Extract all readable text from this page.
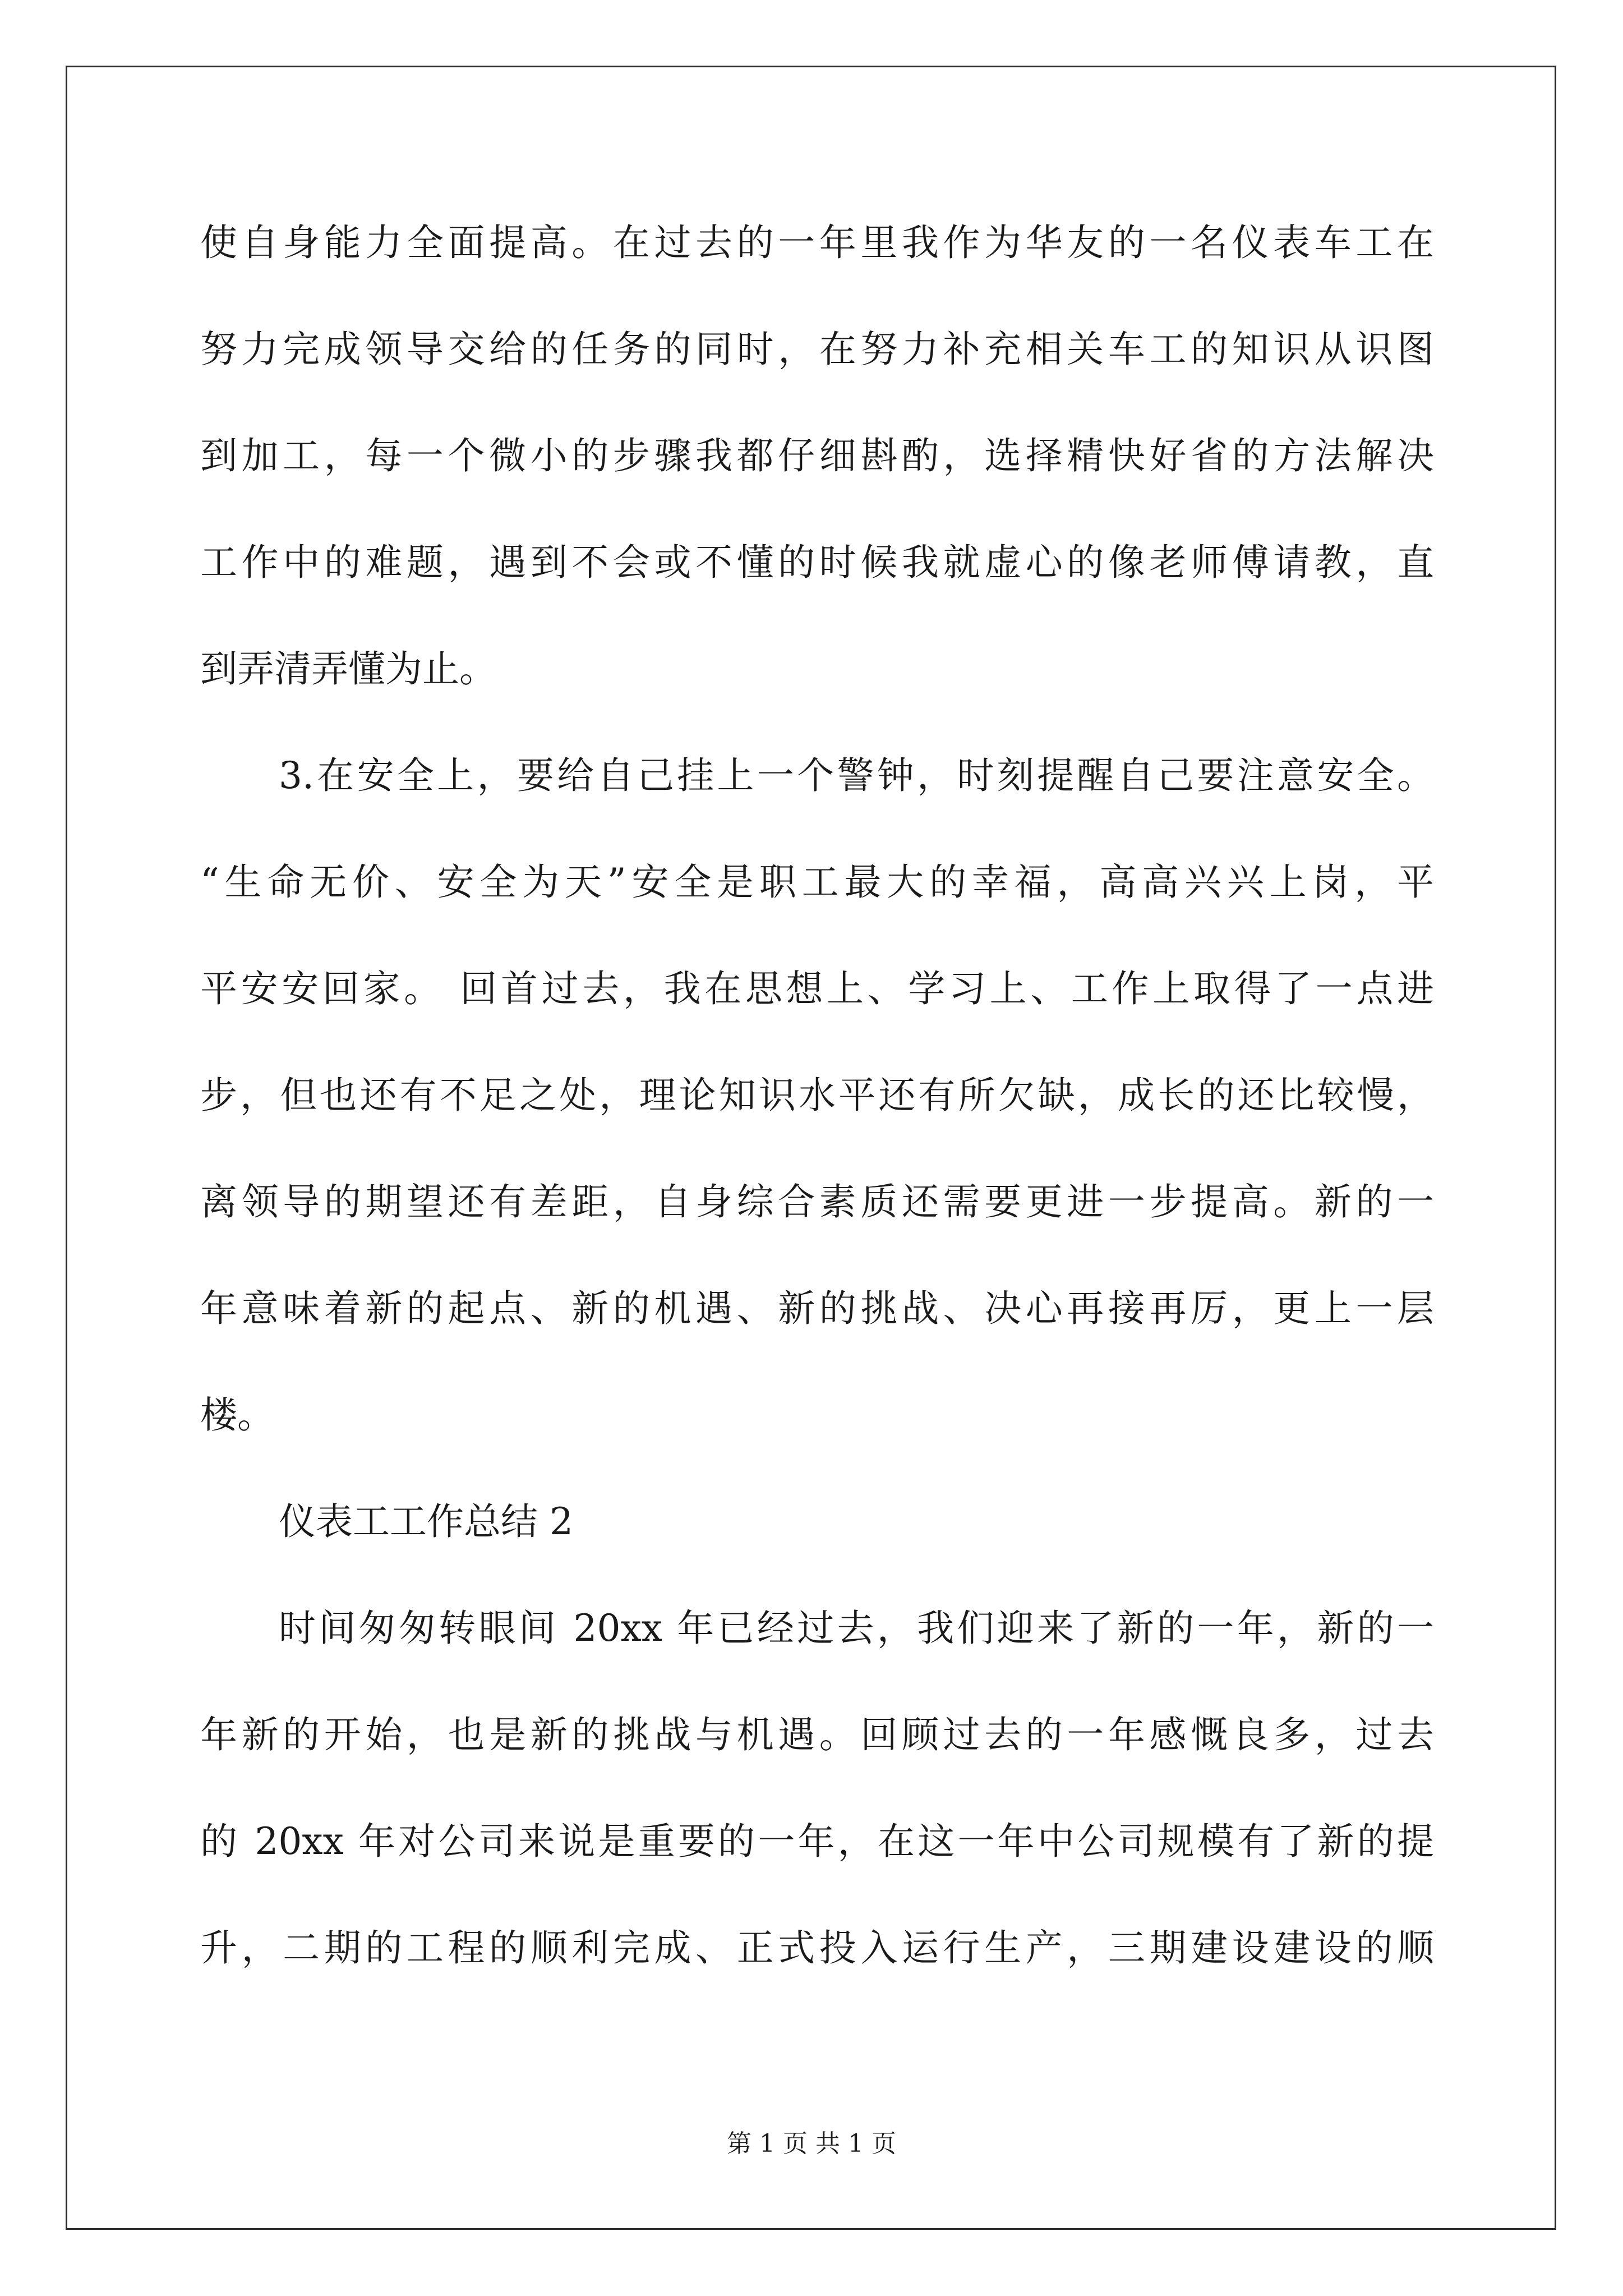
使自身能力全面提高。在过去的一年里我作为华友的一名仪表车工在
努力完成领导交给的任务的同时，在努力补充相关车工的知识从识图
到加工，每一个微小的步骤我都仔细斟酌，选择精快好省的方法解决
工作中的难题，遇到不会或不懂的时候我就虚心的像老师傅请教，直
到弄清弄懂为止。
3.在安全上，要给自己挂上一个警钟，时刻提醒自己要注意安全。
“生命无价、安全为天”安全是职工最大的幸福，高高兴兴上岗，平
平安安回家。 回首过去，我在思想上、学习上、工作上取得了一点进
步，但也还有不足之处，理论知识水平还有所欠缺，成长的还比较慢，
离领导的期望还有差距，自身综合素质还需要更进一步提高。新的一
年意味着新的起点、新的机遇、新的挑战、决心再接再厉，更上一层
楼。
仪表工工作总结 2
时间匆匆转眼间 20xx 年已经过去，我们迎来了新的一年，新的一
年新的开始，也是新的挑战与机遇。回顾过去的一年感慨良多，过去
的 20xx 年对公司来说是重要的一年，在这一年中公司规模有了新的提
升，二期的工程的顺利完成、正式投入运行生产，三期建设建设的顺
第 1 页 共 1 页
